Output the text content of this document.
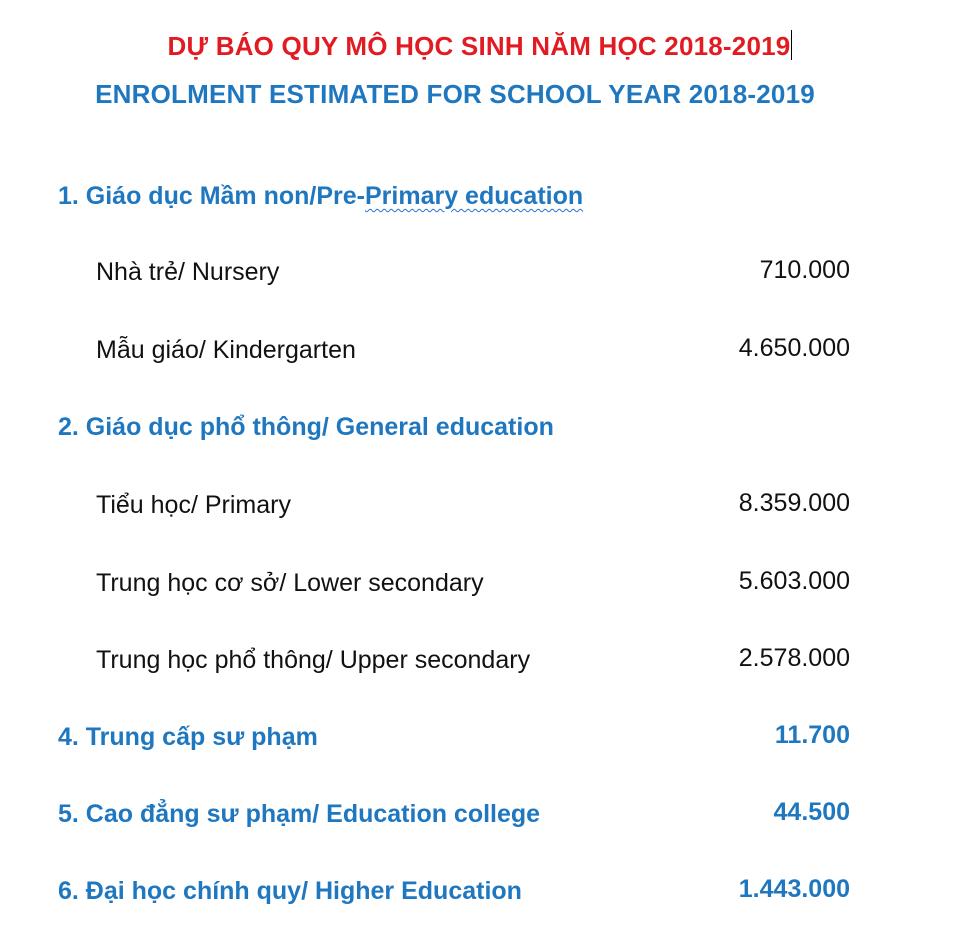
DỰ BÁO QUY MÔ HỌC SINH NĂM HỌC 2018-2019
ENROLMENT ESTIMATED FOR SCHOOL YEAR 2018-2019
1. Giáo dục Mầm non/Pre-Primary education
Nhà trẻ/ Nursery	710.000
Mẫu giáo/ Kindergarten	4.650.000
2. Giáo dục phổ thông/ General education
Tiểu học/ Primary	8.359.000
Trung học cơ sở/ Lower secondary	5.603.000
Trung học phổ thông/ Upper secondary	2.578.000
4. Trung cấp sư phạm	11.700
5. Cao đẳng sư phạm/ Education college	44.500
6. Đại học chính quy/ Higher Education	1.443.000
